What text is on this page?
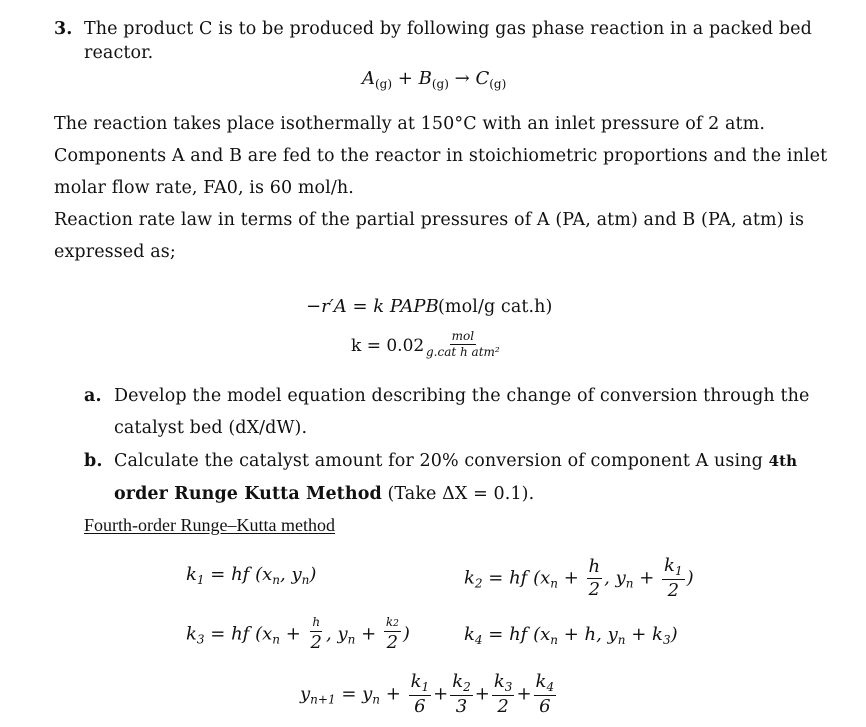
3. The product C is to be produced by following gas phase reaction in a packed bed
reactor.
$A_{(g)} + B_{(g)} \to C_{(g)}$
The reaction takes place isothermally at 150°C with an inlet pressure of 2 atm.
Components A and B are fed to the reactor in stoichiometric proportions and the inlet
molar flow rate, FA0, is 60 mol/h.
Reaction rate law in terms of the partial pressures of A (PA, atm) and B (PA, atm) is
expressed as;
−r′A = k PAPB (mol/g cat.h)
$k = 0.02 \frac{\text{mol}}{\text{g.cat h atm²}}$
a. Develop the model equation describing the change of conversion through the
catalyst bed (dX/dW).
b. Calculate the catalyst amount for 20% conversion of component A using 4th
order Runge Kutta Method (Take ΔX = 0.1).
Fourth-order Runge–Kutta method
$k_1$ = hf ($x_n$, $y_n$)	$k_2$ = hf ($x_n + \frac{h}{2}$ , $y_n + \frac{k_1}{2}$ )
$k_3$ = hf ($x_n + \frac{h}{2}$ , $y_n + \frac{k2}{2}$ )	$k_4$ = hf ($x_n + h$, $y_n + k_3$)
$y_{n+1} = y_n + \frac{k_1}{6} + \frac{k_2}{3} + \frac{k_3}{2} + \frac{k_4}{6}$
